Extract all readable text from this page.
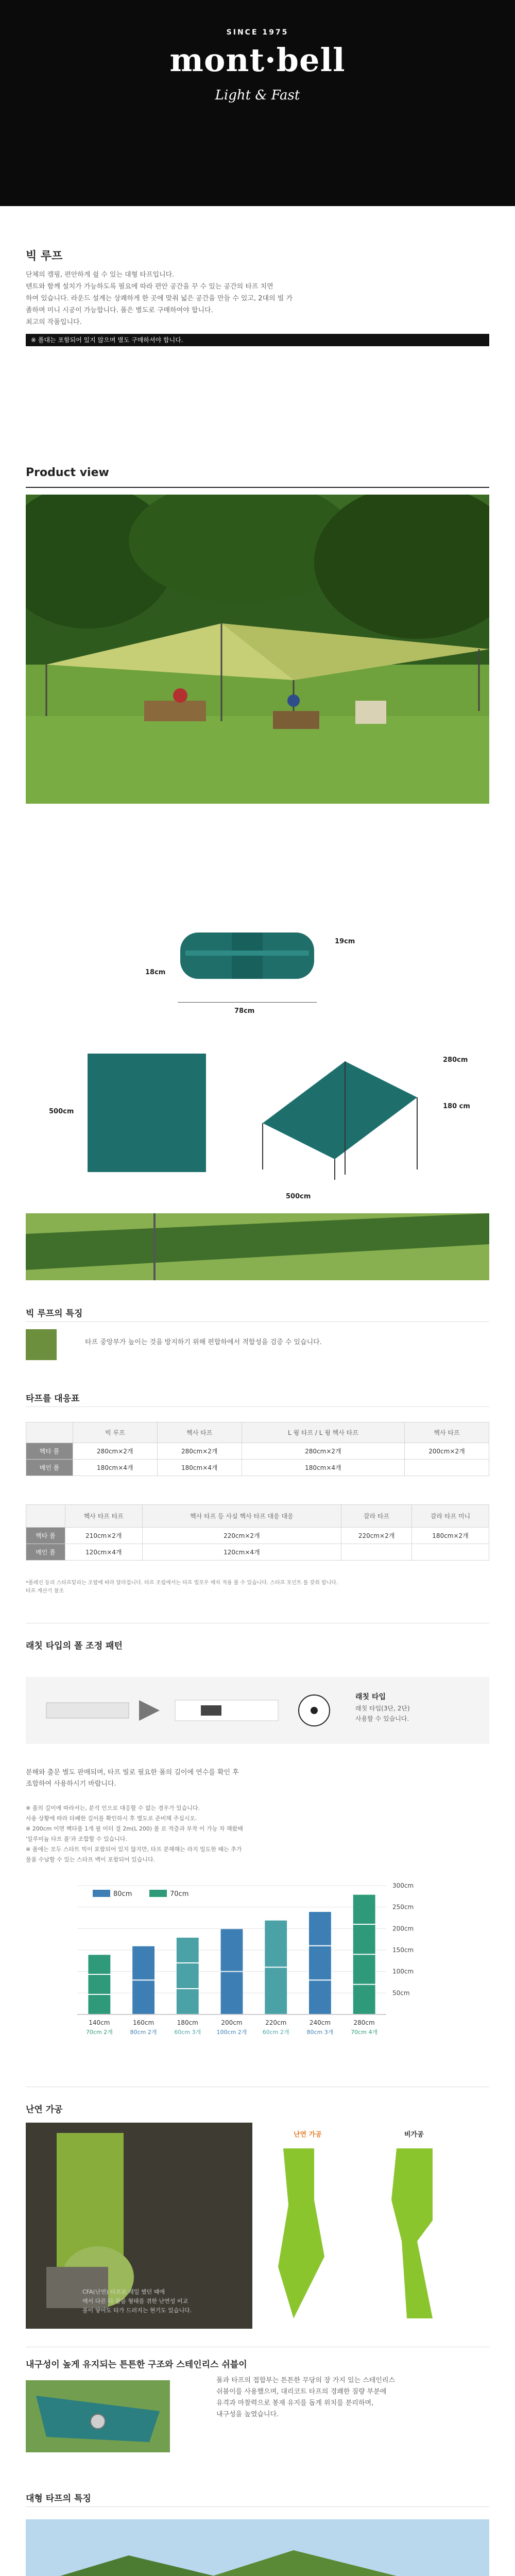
SINCE 1975
mont·bell
Light & Fast
빅 루프
단체의 캠핑, 편안하게 쉴 수 있는 대형 타프입니다.
텐트와 함께 설치가 가능하도록 필요에 따라 편안 공간을 꾸 수 있는 공간의 타프 치면
하여 있습니다. 라운드 설계는 상쾌하게 한 곳에 맞춰 넓은 공간을 만들 수 있고, 2대의 빌 가
졸하며 미니 시공이 가능합니다. 폴은 별도로 구매하여야 합니다.
최고의 작품입니다.
※ 폴대는 포함되어 있지 않으며 별도 구매하셔야 합니다.
Product view
19cm
18cm
78cm
500cm
280cm
180 cm
500cm
빅 루프의 특징
타프 중앙부가 높이는 것을 방지하기 위해 편합하에서 적합성을 검증 수 있습니다.
타프를 대응표
	빅 루프	헥사 타프	L 윙 타프 / L 윙 헥사 타프	헥사 타프
헥타 폴	280cm×2개	280cm×2개	280cm×2개	200cm×2개
메인 폴	180cm×4개	180cm×4개	180cm×4개	
	헥사 타프 타프	헥사 타프 등 사실 헥사 타프 대응 대응	갈라 타프	갈라 타프 미니
헥타 폴	210cm×2개	220cm×2개	220cm×2개	180cm×2개
메인 폴	120cm×4개	120cm×4개		
*폴레신 등의 스타프밑리는 조합에 따라 달라집니다. 타프 조립에서는 타프 빌로우 매치 적용 볼 수 있습니다. 스타프 포인트 를 갖춰 합니다.
타프 계산기 참조
래칫 타입의 폴 조정 패턴
래칫 타입
래칫 타입(3단, 2단)
사용할 수 있습니다.
분해와 출문 별도 판매되며, 타프 빌로 필요한 폴의 길이에 연수를 확인 후
조합하여 사용하시기 바랍니다.
※ 폴의 길이에 따라서는, 분석 인으로 대응할 수 없는 경우가 있습니다.
사용 상황에 따라 타폐한 길이를 확인하시 후 별도로 준비해 주십시오.
※ 200cm 이면 헥타폴 1개 필 미터 결 2m(L 200) 폴 로 적층과 부착 이 가능 차 해왔배
'일루미늄 타프 폴'과 조합할 수 있습니다.
※ 폴에는 모두 스타트 빅이 포함되어 있지 않지만, 타프 분해해는 라지 밀도한 때는 추가
물품 수납할 수 있는 스타프 백이 포함되어 있습니다.
300cm
250cm
200cm
150cm
100cm
50cm
80cm	70cm
140cm
70cm 2개
160cm
80cm 2개
180cm
60cm 3개
200cm
100cm 2개
220cm
60cm 2개
240cm
80cm 3개
280cm
70cm 4개
난연 가공
난연 가공	비가공
CFA(난연) 타프로 레일 했던 때에
메서 다른 다 불을 형태를 겪한 난연성 비교
불이 닿아도 타가 드러지는 현기도 있습니다.
내구성이 높게 유지되는 튼튼한 구조와 스테인리스 쉬블이
폴과 타프의 접합부는 튼튼한 무당의 장 가지 있는 스테인리스
쉬블이를 사용했으며, 대리코트 타프의 경쾌한 질량 부분에
유격과 마찰력으로 봉재 유지를 돕게 위치를 분리하며,
내구성을 높였습니다.
대형 타프의 특징
